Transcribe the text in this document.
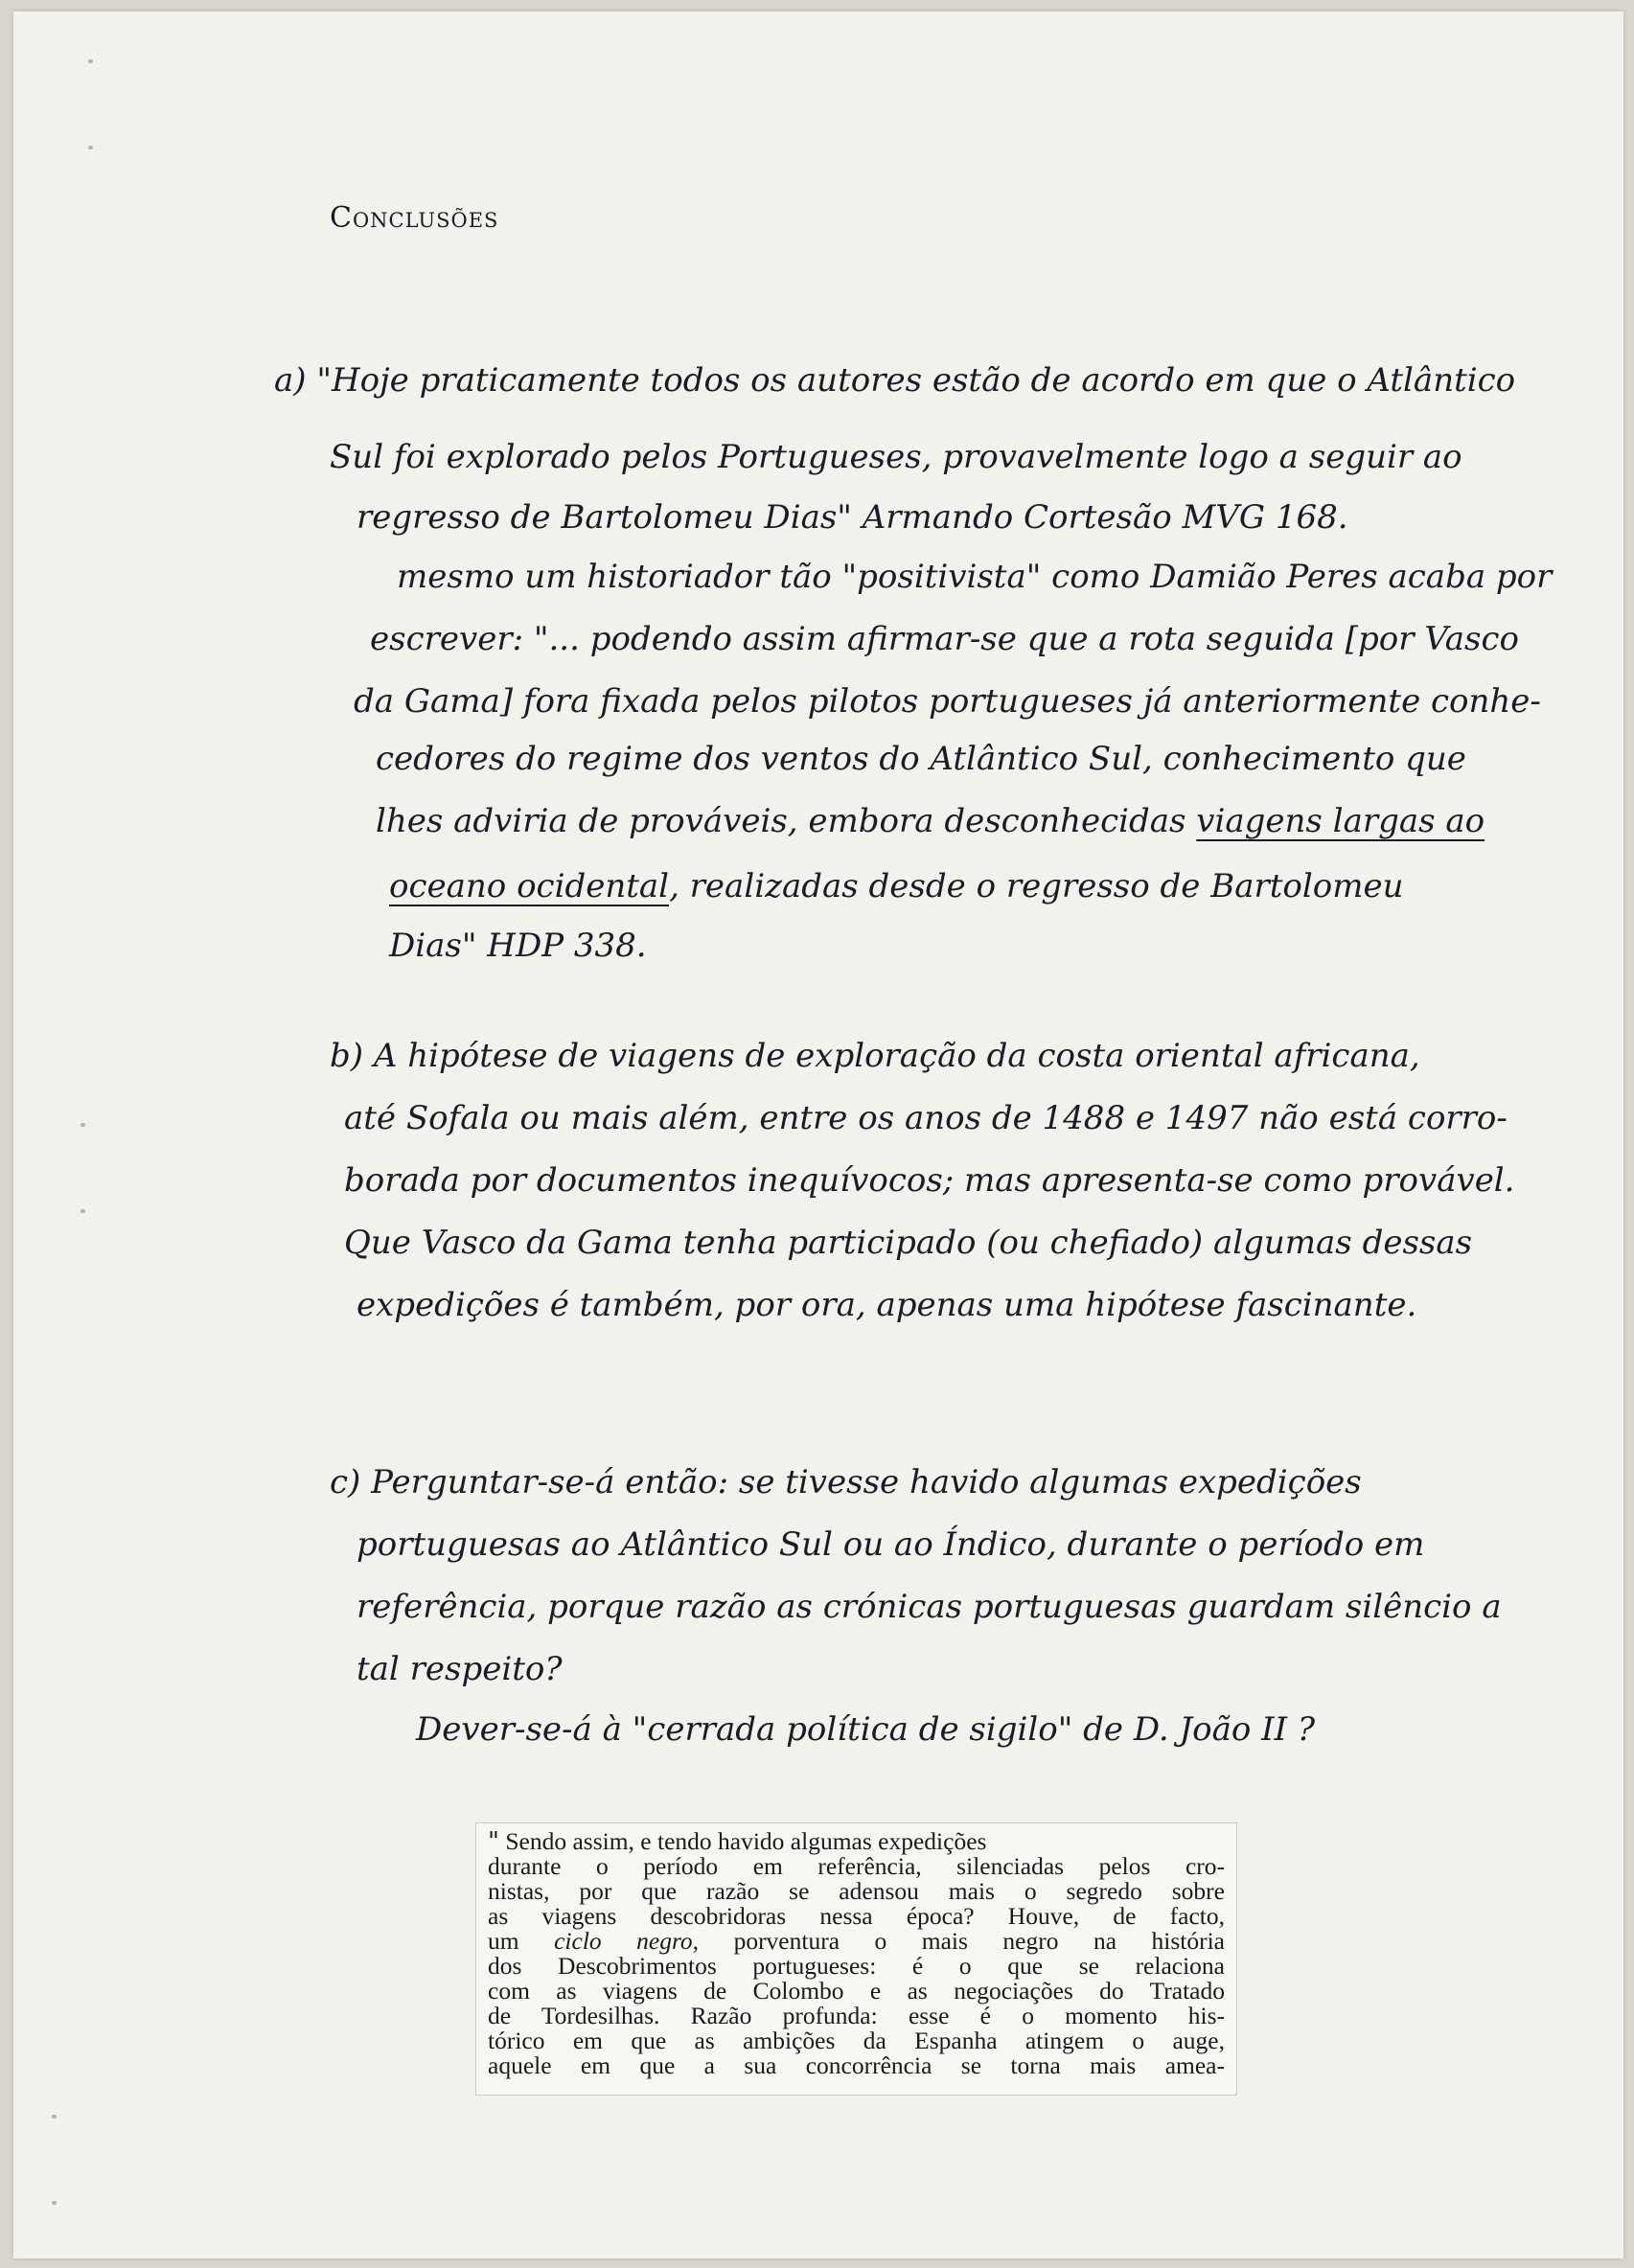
Conclusões
a) "Hoje praticamente todos os autores estão de acordo em que o Atlântico
Sul foi explorado pelos Portugueses, provavelmente logo a seguir ao
regresso de Bartolomeu Dias" Armando Cortesão MVG 168.
mesmo um historiador tão "positivista" como Damião Peres acaba por
escrever: "... podendo assim afirmar-se que a rota seguida [por Vasco
da Gama] fora fixada pelos pilotos portugueses já anteriormente conhe-
cedores do regime dos ventos do Atlântico Sul, conhecimento que
lhes adviria de prováveis, embora desconhecidas viagens largas ao
oceano ocidental, realizadas desde o regresso de Bartolomeu
Dias" HDP 338.
b) A hipótese de viagens de exploração da costa oriental africana,
até Sofala ou mais além, entre os anos de 1488 e 1497 não está corro-
borada por documentos inequívocos; mas apresenta-se como provável.
Que Vasco da Gama tenha participado (ou chefiado) algumas dessas
expedições é também, por ora, apenas uma hipótese fascinante.
c) Perguntar-se-á então: se tivesse havido algumas expedições
portuguesas ao Atlântico Sul ou ao Índico, durante o período em
referência, porque razão as crónicas portuguesas guardam silêncio a
tal respeito?
Dever-se-á à "cerrada política de sigilo" de D. João II ?
" Sendo assim, e tendo havido algumas expedições
durante o período em referência, silenciadas pelos cro-
nistas, por que razão se adensou mais o segredo sobre
as viagens descobridoras nessa época? Houve, de facto,
um ciclo negro, porventura o mais negro na história
dos Descobrimentos portugueses: é o que se relaciona
com as viagens de Colombo e as negociações do Tratado
de Tordesilhas. Razão profunda: esse é o momento his-
tórico em que as ambições da Espanha atingem o auge,
aquele em que a sua concorrência se torna mais amea-
